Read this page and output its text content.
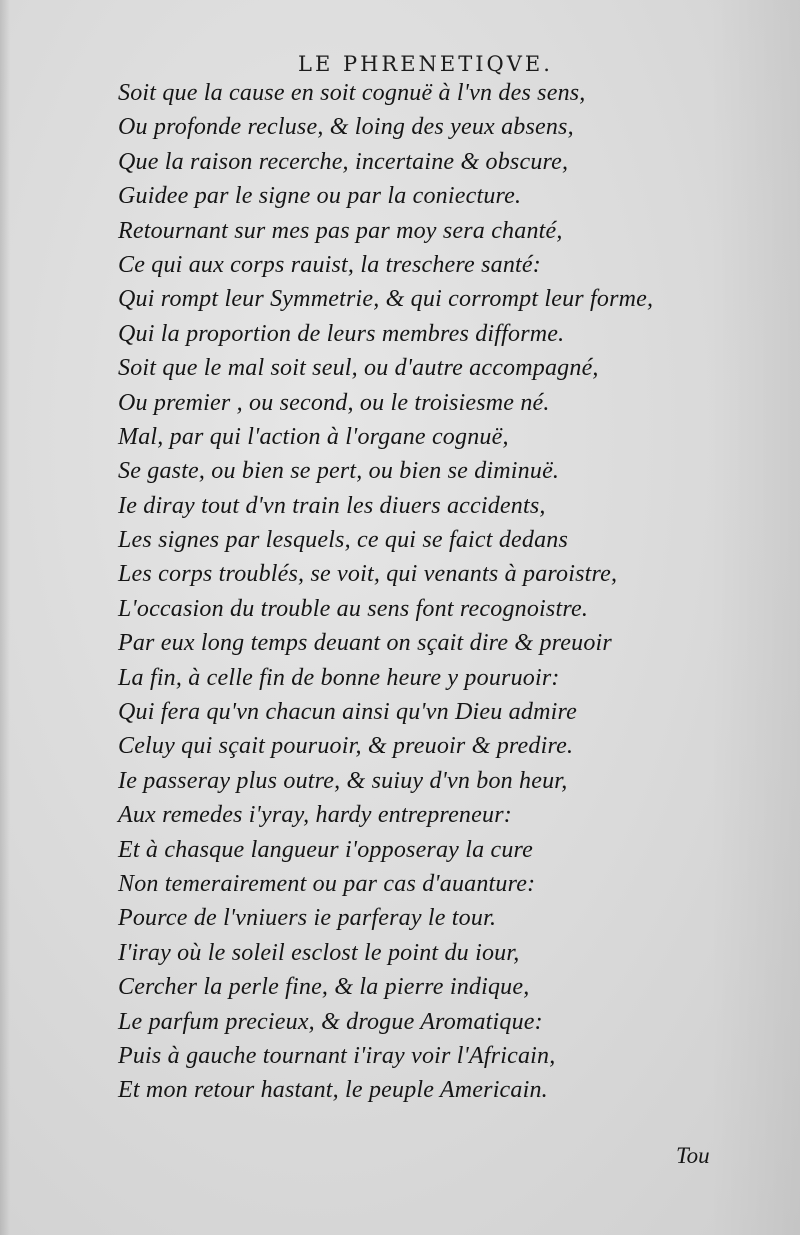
LE PHRENETIQVE.
Soit que la cause en soit cognuë à l'vn des sens,
Ou profonde recluse, & loing des yeux absens,
Que la raison recerche, incertaine & obscure,
Guidee par le signe ou par la coniecture.
Retournant sur mes pas par moy sera chanté,
Ce qui aux corps rauist, la treschere santé:
Qui rompt leur Symmetrie, & qui corrompt leur forme,
Qui la proportion de leurs membres difforme.
Soit que le mal soit seul, ou d'autre accompagné,
Ou premier , ou second, ou le troisiesme né.
Mal, par qui l'action à l'organe cognuë,
Se gaste, ou bien se pert, ou bien se diminuë.
Ie diray tout d'vn train les diuers accidents,
Les signes par lesquels, ce qui se faict dedans
Les corps troublés, se voit, qui venants à paroistre,
L'occasion du trouble au sens font recognoistre.
Par eux long temps deuant on sçait dire & preuoir
La fin, à celle fin de bonne heure y pouruoir:
Qui fera qu'vn chacun ainsi qu'vn Dieu admire
Celuy qui sçait pouruoir, & preuoir & predire.
Ie passeray plus outre, & suiuy d'vn bon heur,
Aux remedes i'yray, hardy entrepreneur:
Et à chasque langueur i'opposeray la cure
Non temerairement ou par cas d'auanture:
Pource de l'vniuers ie parferay le tour.
I'iray où le soleil esclost le point du iour,
Cercher la perle fine, & la pierre indique,
Le parfum precieux, & drogue Aromatique:
Puis à gauche tournant i'iray voir l'Africain,
Et mon retour hastant, le peuple Americain.
Tou
